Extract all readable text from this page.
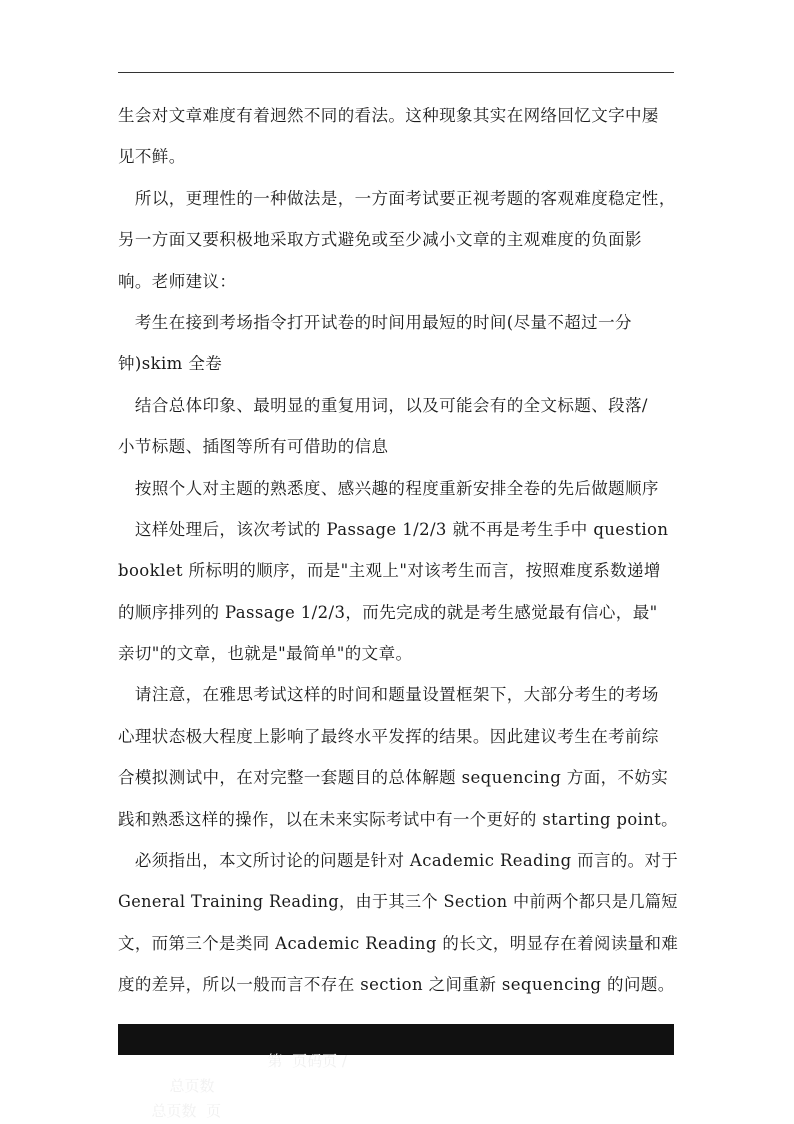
生会对文章难度有着迥然不同的看法。这种现象其实在网络回忆文字中屡
见不鲜。
所以，更理性的一种做法是，一方面考试要正视考题的客观难度稳定性，
另一方面又要积极地采取方式避免或至少减小文章的主观难度的负面影
响。老师建议：
考生在接到考场指令打开试卷的时间用最短的时间(尽量不超过一分
钟)skim 全卷
结合总体印象、最明显的重复用词，以及可能会有的全文标题、段落/
小节标题、插图等所有可借助的信息
按照个人对主题的熟悉度、感兴趣的程度重新安排全卷的先后做题顺序
这样处理后，该次考试的 Passage 1/2/3 就不再是考生手中 question
booklet 所标明的顺序，而是"主观上"对该考生而言，按照难度系数递增
的顺序排列的 Passage 1/2/3，而先完成的就是考生感觉最有信心，最"
亲切"的文章，也就是"最简单"的文章。
请注意，在雅思考试这样的时间和题量设置框架下，大部分考生的考场
心理状态极大程度上影响了最终水平发挥的结果。因此建议考生在考前综
合模拟测试中，在对完整一套题目的总体解题 sequencing 方面，不妨实
践和熟悉这样的操作，以在未来实际考试中有一个更好的 starting point。
必须指出，本文所讨论的问题是针对 Academic Reading 而言的。对于
General Training Reading，由于其三个 Section 中前两个都只是几篇短
文，而第三个是类同 Academic Reading 的长文，明显存在着阅读量和难
度的差异，所以一般而言不存在 section 之间重新 sequencing 的问题。

第  页码页 /
总页数
总页数  页
